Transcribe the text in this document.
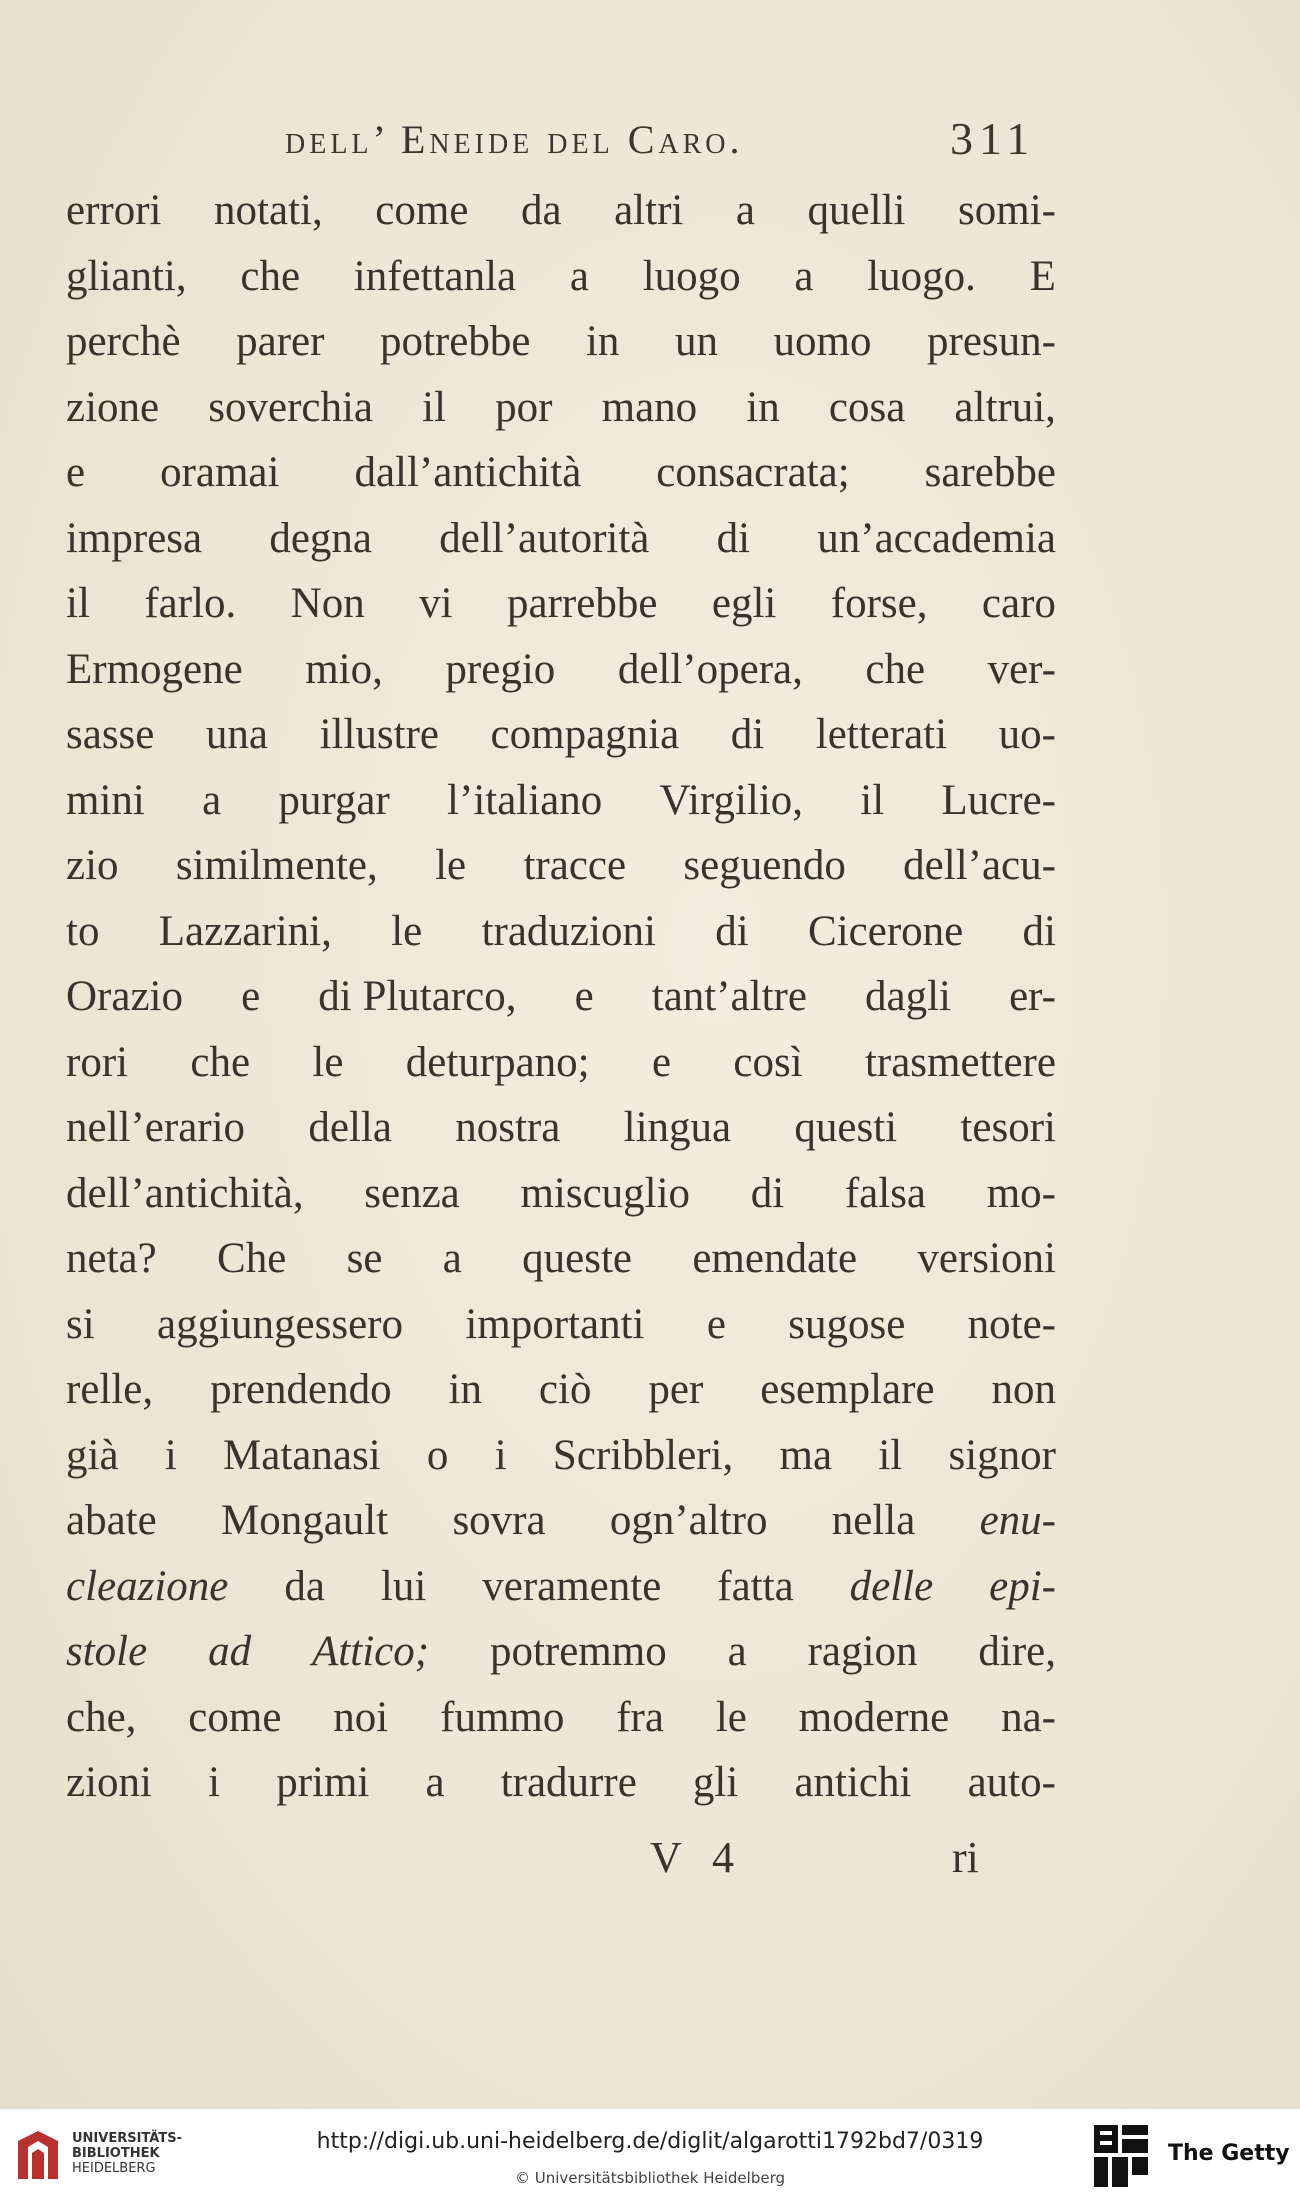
dell’ Eneide del Caro.	311
errori notati, come da altri a quelli somi-
glianti, che infettanla a luogo a luogo. E
perchè parer potrebbe in un uomo presun-
zione soverchia il por mano in cosa altrui,
e oramai dall’antichità consacrata; sarebbe
impresa degna dell’autorità di un’accademia
il farlo. Non vi parrebbe egli forse, caro
Ermogene mio, pregio dell’opera, che ver-
sasse una illustre compagnia di letterati uo-
mini a purgar l’italiano Virgilio, il Lucre-
zio similmente, le tracce seguendo dell’acu-
to Lazzarini, le traduzioni di Cicerone di
Orazio e di Plutarco, e tant’altre dagli er-
rori che le deturpano; e così trasmettere
nell’erario della nostra lingua questi tesori
dell’antichità, senza miscuglio di falsa mo-
neta? Che se a queste emendate versioni
si aggiungessero importanti e sugose note-
relle, prendendo in ciò per esemplare non
già i Matanasi o i Scribbleri, ma il signor
abate Mongault sovra ogn’altro nella enu-
cleazione da lui veramente fatta delle epi-
stole ad Attico; potremmo a ragion dire,
che, come noi fummo fra le moderne na-
zioni i primi a tradurre gli antichi auto-
V 4	ri
UNIVERSITÄTS-
BIBLIOTHEK
HEIDELBERG
http://digi.ub.uni-heidelberg.de/diglit/algarotti1792bd7/0319
© Universitätsbibliothek Heidelberg
The Getty
